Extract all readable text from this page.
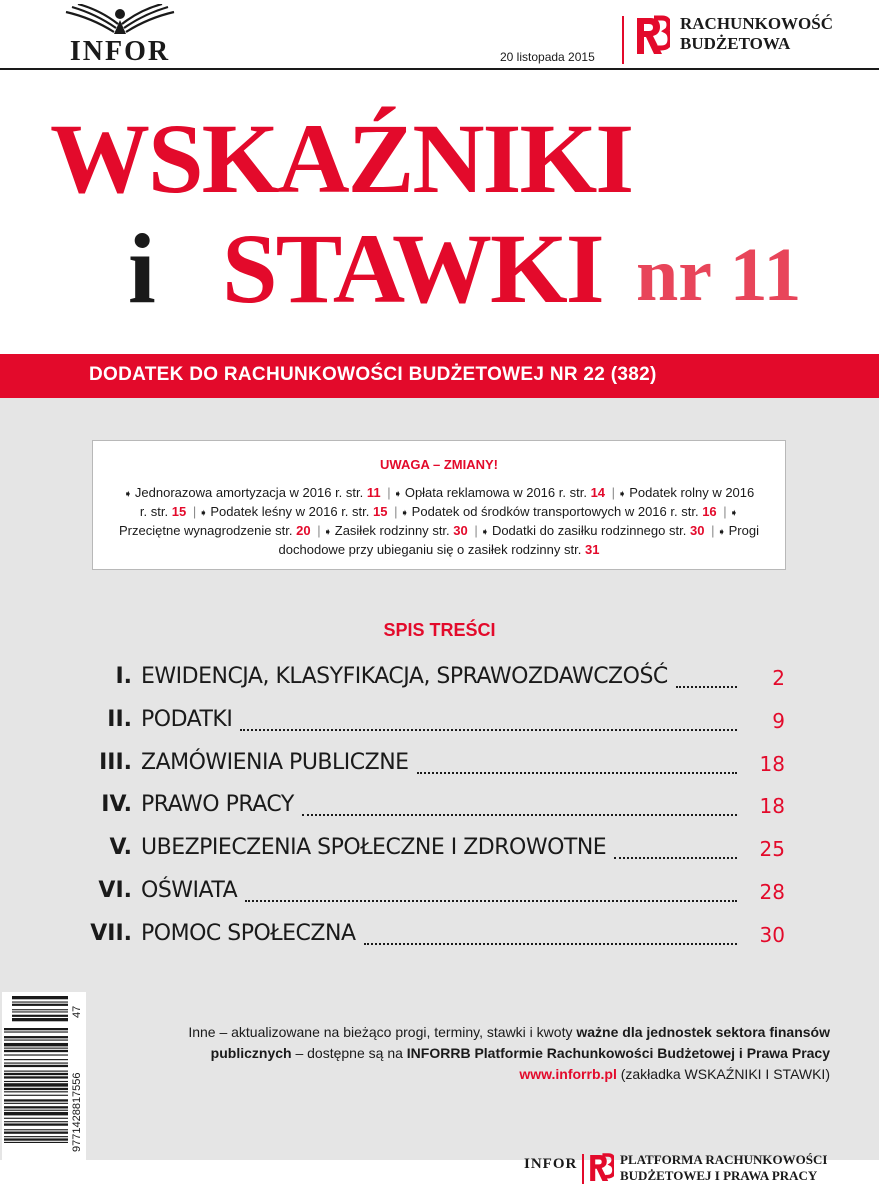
INFOR	20 listopada 2015
RACHUNKOWOŚĆ
BUDŻETOWA
WSKAŹNIKI
i STAWKI nr 11
DODATEK DO RACHUNKOWOŚCI BUDŻETOWEJ NR 22 (382)
UWAGA – ZMIANY!
➧ Jednorazowa amortyzacja w 2016 r. str. 11 | ➧ Opłata reklamowa w 2016 r. str. 14 | ➧ Podatek rolny w 2016 r. str. 15 | ➧ Podatek leśny w 2016 r. str. 15 | ➧ Podatek od środków transportowych w 2016 r. str. 16 | ➧ Przeciętne wynagrodzenie str. 20 | ➧ Zasiłek rodzinny str. 30 | ➧ Dodatki do zasiłku rodzinnego str. 30 | ➧ Progi dochodowe przy ubieganiu się o zasiłek rodzinny str. 31
SPIS TREŚCI
I. EWIDENCJA, KLASYFIKACJA, SPRAWOZDAWCZOŚĆ	2
II. PODATKI	9
III. ZAMÓWIENIA PUBLICZNE	18
IV. PRAWO PRACY	18
V. UBEZPIECZENIA SPOŁECZNE I ZDROWOTNE	25
VI. OŚWIATA	28
VII. POMOC SPOŁECZNA	30
Inne – aktualizowane na bieżąco progi, terminy, stawki i kwoty ważne dla jednostek sektora finansów publicznych – dostępne są na INFORRB Platformie Rachunkowości Budżetowej i Prawa Pracy www.inforrb.pl (zakładka WSKAŹNIKI I STAWKI)
9771428817556
47
INFOR	PLATFORMA RACHUNKOWOŚCI
BUDŻETOWEJ I PRAWA PRACY
